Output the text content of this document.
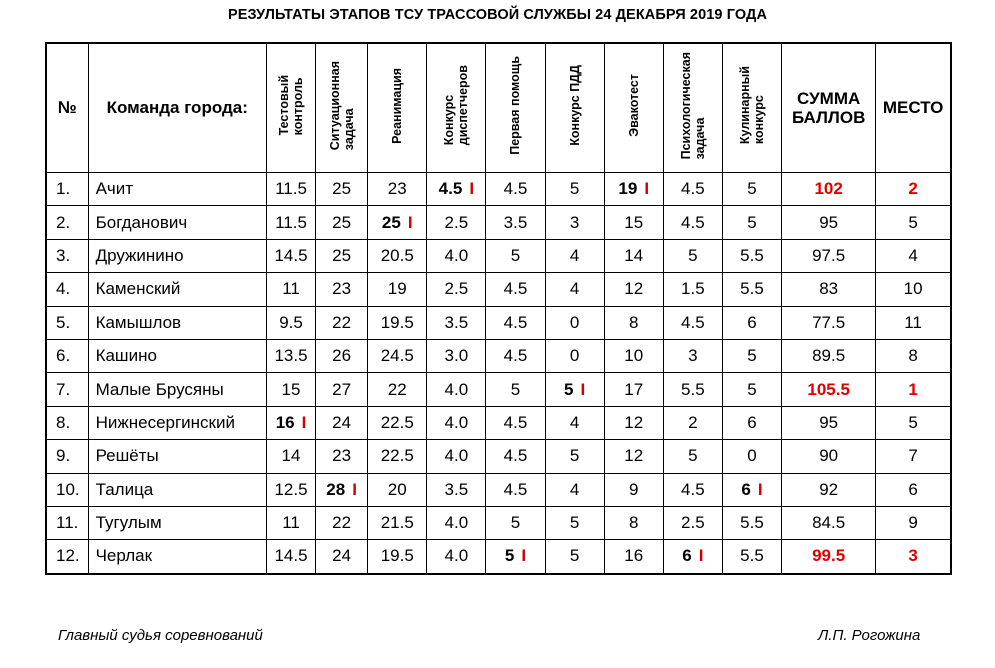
РЕЗУЛЬТАТЫ ЭТАПОВ ТСУ ТРАССОВОЙ СЛУЖБЫ 24 ДЕКАБРЯ 2019 ГОДА
№	Команда города:	Тестовый
контроль	Ситуационная
задача	Реанимация	Конкурс
диспетчеров	Первая помощь	Конкурс ПДД	Эвакотест	Психологическая
задача	Кулинарный
конкурс	СУММА
БАЛЛОВ	МЕСТО
1.	Ачит	11.5	25	23	4.5 I	4.5	5	19 I	4.5	5	102	2
2.	Богданович	11.5	25	25 I	2.5	3.5	3	15	4.5	5	95	5
3.	Дружинино	14.5	25	20.5	4.0	5	4	14	5	5.5	97.5	4
4.	Каменский	11	23	19	2.5	4.5	4	12	1.5	5.5	83	10
5.	Камышлов	9.5	22	19.5	3.5	4.5	0	8	4.5	6	77.5	11
6.	Кашино	13.5	26	24.5	3.0	4.5	0	10	3	5	89.5	8
7.	Малые Брусяны	15	27	22	4.0	5	5 I	17	5.5	5	105.5	1
8.	Нижнесергинский	16 I	24	22.5	4.0	4.5	4	12	2	6	95	5
9.	Решёты	14	23	22.5	4.0	4.5	5	12	5	0	90	7
10.	Талица	12.5	28 I	20	3.5	4.5	4	9	4.5	6 I	92	6
11.	Тугулым	11	22	21.5	4.0	5	5	8	2.5	5.5	84.5	9
12.	Черлак	14.5	24	19.5	4.0	5 I	5	16	6 I	5.5	99.5	3
Главный судья соревнований	Л.П. Рогожина
